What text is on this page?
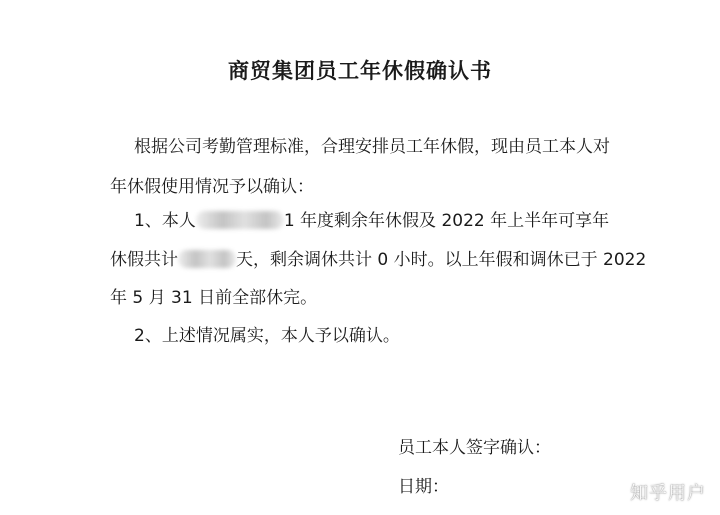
商贸集团员工年休假确认书
根据公司考勤管理标准，合理安排员工年休假，现由员工本人对
年休假使用情况予以确认：
1、本人	1 年度剩余年休假及 2022 年上半年可享年
休假共计	天，剩余调休共计 0 小时。以上年假和调休已于 2022
年 5 月 31 日前全部休完。
2、上述情况属实，本人予以确认。
员工本人签字确认：
日期：	知乎用户
